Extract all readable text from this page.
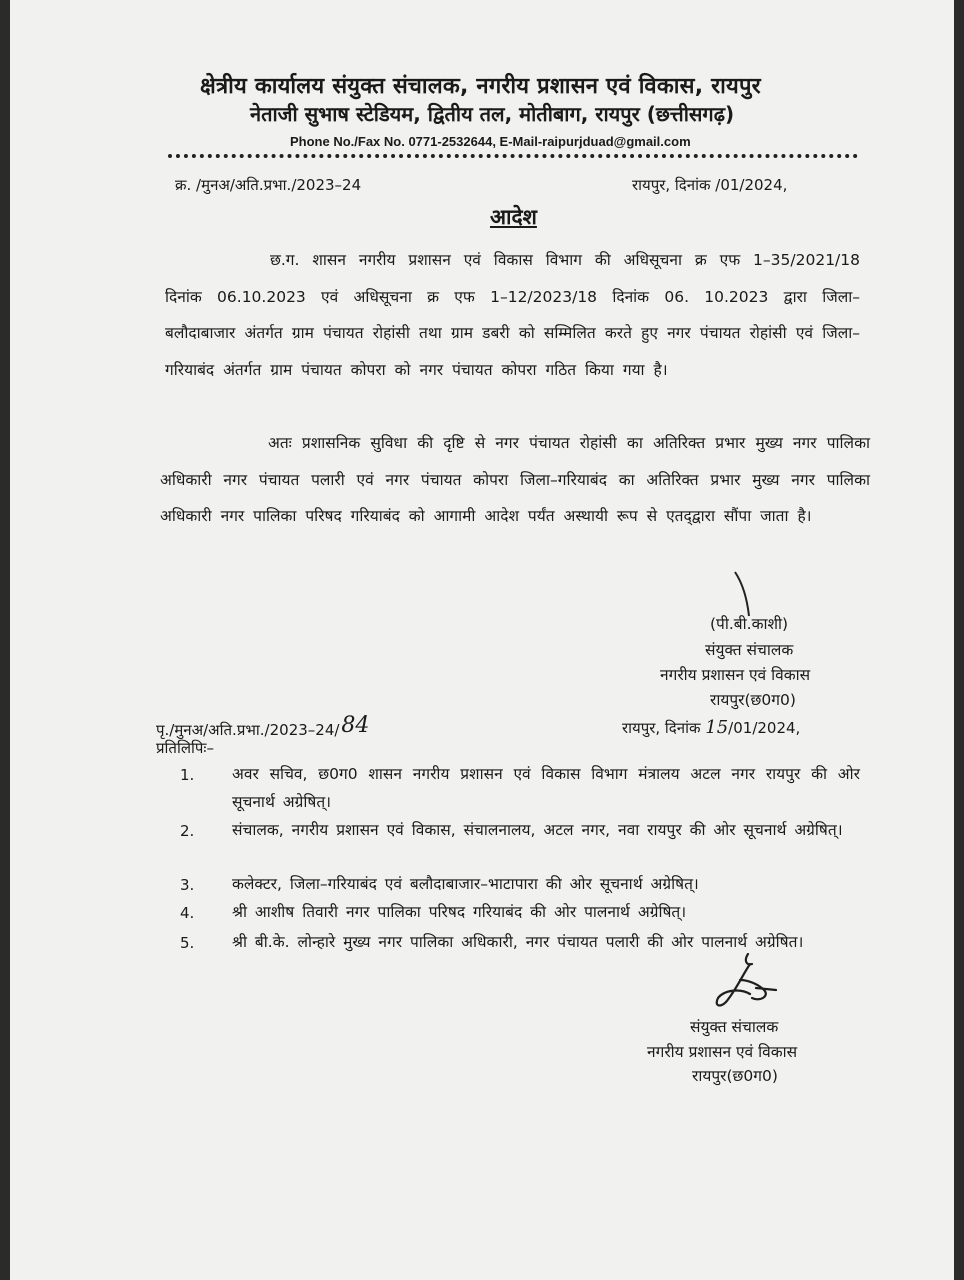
क्षेत्रीय कार्यालय संयुक्त संचालक, नगरीय प्रशासन एवं विकास, रायपुर
नेताजी सुभाष स्टेडियम, द्वितीय तल, मोतीबाग, रायपुर (छत्तीसगढ़)
Phone No./Fax No. 0771-2532644, E-Mail-raipurjduad@gmail.com
क्र. /मुनअ/अति.प्रभा./2023–24	रायपुर, दिनांक /01/2024,
आदेश
छ.ग. शासन नगरीय प्रशासन एवं विकास विभाग की अधिसूचना क्र एफ 1–35/2021/18 दिनांक 06.10.2023 एवं अधिसूचना क्र एफ 1–12/2023/18 दिनांक 06. 10.2023 द्वारा जिला–बलौदाबाजार अंतर्गत ग्राम पंचायत रोहांसी तथा ग्राम डबरी को सम्मिलित करते हुए नगर पंचायत रोहांसी एवं जिला–गरियाबंद अंतर्गत ग्राम पंचायत कोपरा को नगर पंचायत कोपरा गठित किया गया है।
अतः प्रशासनिक सुविधा की दृष्टि से नगर पंचायत रोहांसी का अतिरिक्त प्रभार मुख्य नगर पालिका अधिकारी नगर पंचायत पलारी एवं नगर पंचायत कोपरा जिला–गरियाबंद का अतिरिक्त प्रभार मुख्य नगर पालिका अधिकारी नगर पालिका परिषद गरियाबंद को आगामी आदेश पर्यंत अस्थायी रूप से एतद्‌द्वारा सौंपा जाता है।
(पी.बी.काशी)
संयुक्त संचालक
नगरीय प्रशासन एवं विकास
रायपुर(छ0ग0)
पृ./मुनअ/अति.प्रभा./2023–24/84	रायपुर, दिनांक 15/01/2024,
प्रतिलिपिः–
1. अवर सचिव, छ0ग0 शासन नगरीय प्रशासन एवं विकास विभाग मंत्रालय अटल नगर रायपुर की ओर सूचनार्थ अग्रेषित्।
2. संचालक, नगरीय प्रशासन एवं विकास, संचालनालय, अटल नगर, नवा रायपुर की ओर सूचनार्थ अग्रेषित्।
3. कलेक्टर, जिला–गरियाबंद एवं बलौदाबाजार–भाटापारा की ओर सूचनार्थ अग्रेषित्।
4. श्री आशीष तिवारी नगर पालिका परिषद गरियाबंद की ओर पालनार्थ अग्रेषित्।
5. श्री बी.के. लोन्हारे मुख्य नगर पालिका अधिकारी, नगर पंचायत पलारी की ओर पालनार्थ अग्रेषित।
संयुक्त संचालक
नगरीय प्रशासन एवं विकास
रायपुर(छ0ग0)
